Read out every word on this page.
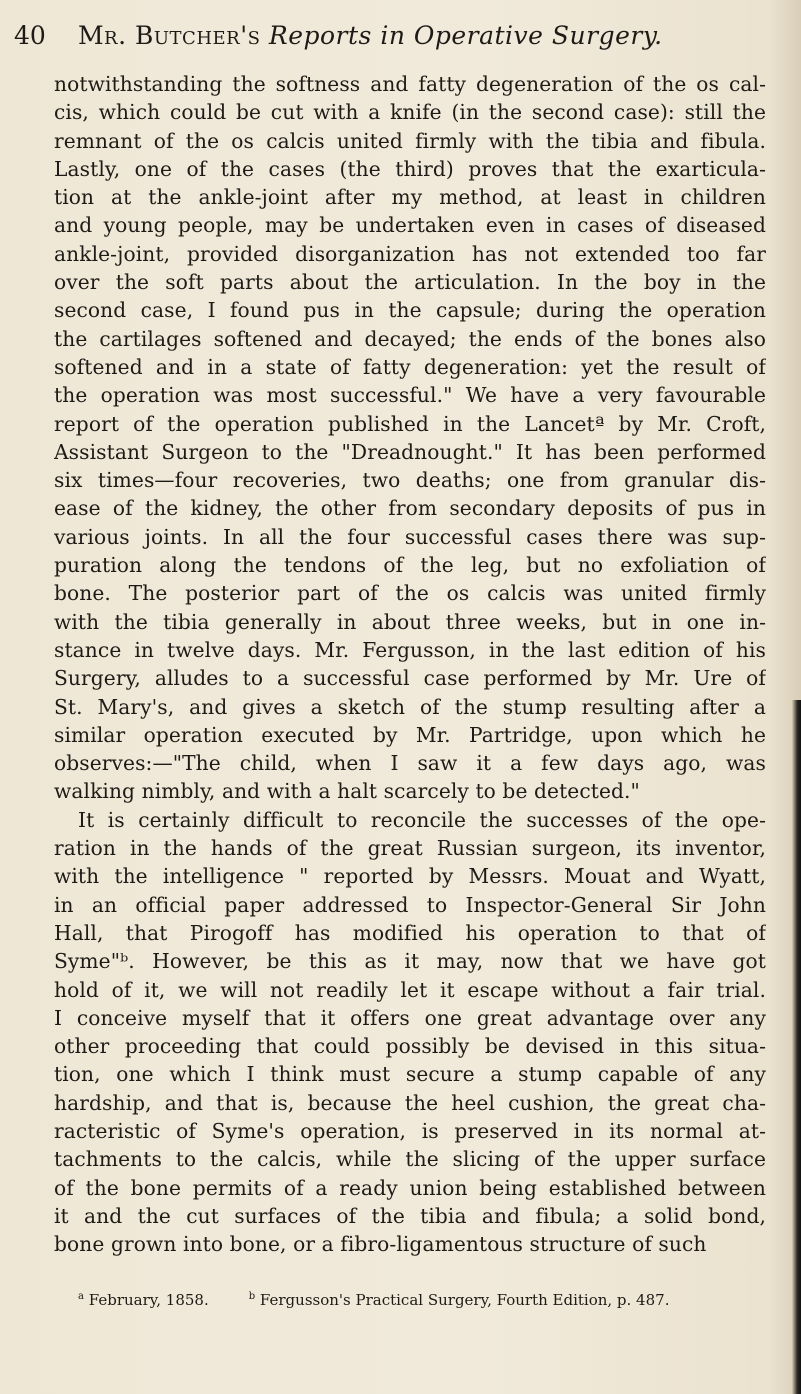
40 Mr. Butcher's Reports in Operative Surgery.
notwithstanding the softness and fatty degeneration of the os cal-
cis, which could be cut with a knife (in the second case): still the
remnant of the os calcis united firmly with the tibia and fibula.
Lastly, one of the cases (the third) proves that the exarticula-
tion at the ankle-joint after my method, at least in children
and young people, may be undertaken even in cases of diseased
ankle-joint, provided disorganization has not extended too far
over the soft parts about the articulation. In the boy in the
second case, I found pus in the capsule; during the operation
the cartilages softened and decayed; the ends of the bones also
softened and in a state of fatty degeneration: yet the result of
the operation was most successful." We have a very favourable
report of the operation published in the Lancetª by Mr. Croft,
Assistant Surgeon to the "Dreadnought." It has been performed
six times—four recoveries, two deaths; one from granular dis-
ease of the kidney, the other from secondary deposits of pus in
various joints. In all the four successful cases there was sup-
puration along the tendons of the leg, but no exfoliation of
bone. The posterior part of the os calcis was united firmly
with the tibia generally in about three weeks, but in one in-
stance in twelve days. Mr. Fergusson, in the last edition of his
Surgery, alludes to a successful case performed by Mr. Ure of
St. Mary's, and gives a sketch of the stump resulting after a
similar operation executed by Mr. Partridge, upon which he
observes:—"The child, when I saw it a few days ago, was
walking nimbly, and with a halt scarcely to be detected."
It is certainly difficult to reconcile the successes of the ope-
ration in the hands of the great Russian surgeon, its inventor,
with the intelligence " reported by Messrs. Mouat and Wyatt,
in an official paper addressed to Inspector-General Sir John
Hall, that Pirogoff has modified his operation to that of
Syme"ᵇ. However, be this as it may, now that we have got
hold of it, we will not readily let it escape without a fair trial.
I conceive myself that it offers one great advantage over any
other proceeding that could possibly be devised in this situa-
tion, one which I think must secure a stump capable of any
hardship, and that is, because the heel cushion, the great cha-
racteristic of Syme's operation, is preserved in its normal at-
tachments to the calcis, while the slicing of the upper surface
of the bone permits of a ready union being established between
it and the cut surfaces of the tibia and fibula; a solid bond,
bone grown into bone, or a fibro-ligamentous structure of such
$^a$ February, 1858.	$^b$ Fergusson's Practical Surgery, Fourth Edition, p. 487.
